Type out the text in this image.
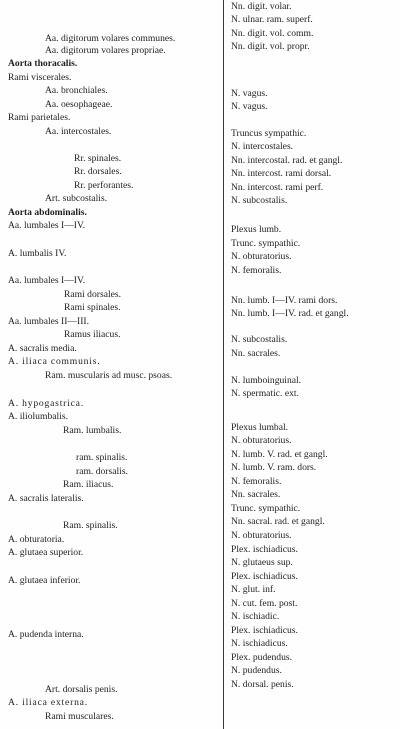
Aa. digitorum volares communes.
Aa. digitorum volares propriae.
Aorta thoracalis.
Rami viscerales.
Aa. bronchiales.
Aa. oesophageae.
Rami parietales.
Aa. intercostales.
Rr. spinales.
Rr. dorsales.
Rr. perforantes.
Art. subcostalis.
Aorta abdominalis.
Aa. lumbales I—IV.
A. lumbalis IV.
Aa. lumbales I—IV.
Rami dorsales.
Rami spinales.
Aa. lumbales II—III.
Ramus iliacus.
A. sacralis media.
A. iliaca communis.
Ram. muscularis ad musc. psoas.
A. hypogastrica.
A. iliolumbalis.
Ram. lumbalis.
ram. spinalis.
ram. dorsalis.
Ram. iliacus.
A. sacralis lateralis.
Ram. spinalis.
A. obturatoria.
A. glutaea superior.
A. glutaea inferior.
A. pudenda interna.
Art. dorsalis penis.
A. iliaca externa.
Rami musculares.
Nn. digit. volar.
N. ulnar. ram. superf.
Nn. digit. vol. comm.
Nn. digit. vol. propr.
N. vagus.
N. vagus.
Truncus sympathic.
N. intercostales.
Nn. intercostal. rad. et gangl.
Nn. intercost. rami dorsal.
Nn. intercost. rami perf.
N. subcostalis.
Plexus lumb.
Trunc. sympathic.
N. obturatorius.
N. femoralis.
Nn. lumb. I—IV. rami dors.
Nn. lumb. I—IV. rad. et gangl.
N. subcostalis.
Nn. sacrales.
N. lumboinguinal.
N. spermatic. ext.
Plexus lumbal.
N. obturatorius.
N. lumb. V. rad. et gangl.
N. lumb. V. ram. dors.
N. femoralis.
Nn. sacrales.
Trunc. sympathic.
Nn. sacral. rad. et gangl.
N. obturatorius.
Plex. ischiadicus.
N. glutaeus sup.
Plex. ischiadicus.
N. glut. inf.
N. cut. fem. post.
N. ischiadic.
Plex. ischiadicus.
N. ischiadicus.
Plex. pudendus.
N. pudendus.
N. dorsal. penis.
